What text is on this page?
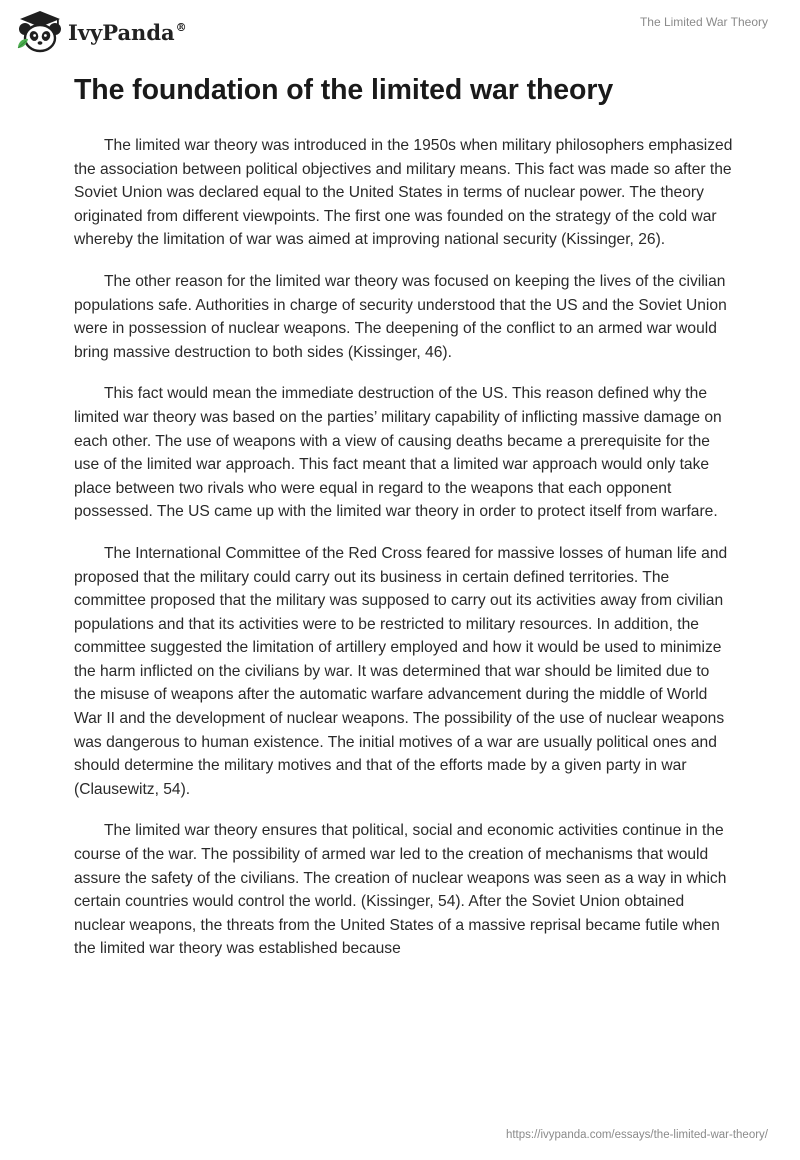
IvyPanda®	The Limited War Theory
The foundation of the limited war theory

The limited war theory was introduced in the 1950s when military philosophers emphasized the association between political objectives and military means. This fact was made so after the Soviet Union was declared equal to the United States in terms of nuclear power. The theory originated from different viewpoints. The first one was founded on the strategy of the cold war whereby the limitation of war was aimed at improving national security (Kissinger, 26).

The other reason for the limited war theory was focused on keeping the lives of the civilian populations safe. Authorities in charge of security understood that the US and the Soviet Union were in possession of nuclear weapons. The deepening of the conflict to an armed war would bring massive destruction to both sides (Kissinger, 46).

This fact would mean the immediate destruction of the US. This reason defined why the limited war theory was based on the parties’ military capability of inflicting massive damage on each other. The use of weapons with a view of causing deaths became a prerequisite for the use of the limited war approach. This fact meant that a limited war approach would only take place between two rivals who were equal in regard to the weapons that each opponent possessed. The US came up with the limited war theory in order to protect itself from warfare.

The International Committee of the Red Cross feared for massive losses of human life and proposed that the military could carry out its business in certain defined territories. The committee proposed that the military was supposed to carry out its activities away from civilian populations and that its activities were to be restricted to military resources. In addition, the committee suggested the limitation of artillery employed and how it would be used to minimize the harm inflicted on the civilians by war. It was determined that war should be limited due to the misuse of weapons after the automatic warfare advancement during the middle of World War II and the development of nuclear weapons. The possibility of the use of nuclear weapons was dangerous to human existence. The initial motives of a war are usually political ones and should determine the military motives and that of the efforts made by a given party in war (Clausewitz, 54).

The limited war theory ensures that political, social and economic activities continue in the course of the war. The possibility of armed war led to the creation of mechanisms that would assure the safety of the civilians. The creation of nuclear weapons was seen as a way in which certain countries would control the world. (Kissinger, 54). After the Soviet Union obtained nuclear weapons, the threats from the United States of a massive reprisal became futile when the limited war theory was established because

https://ivypanda.com/essays/the-limited-war-theory/
